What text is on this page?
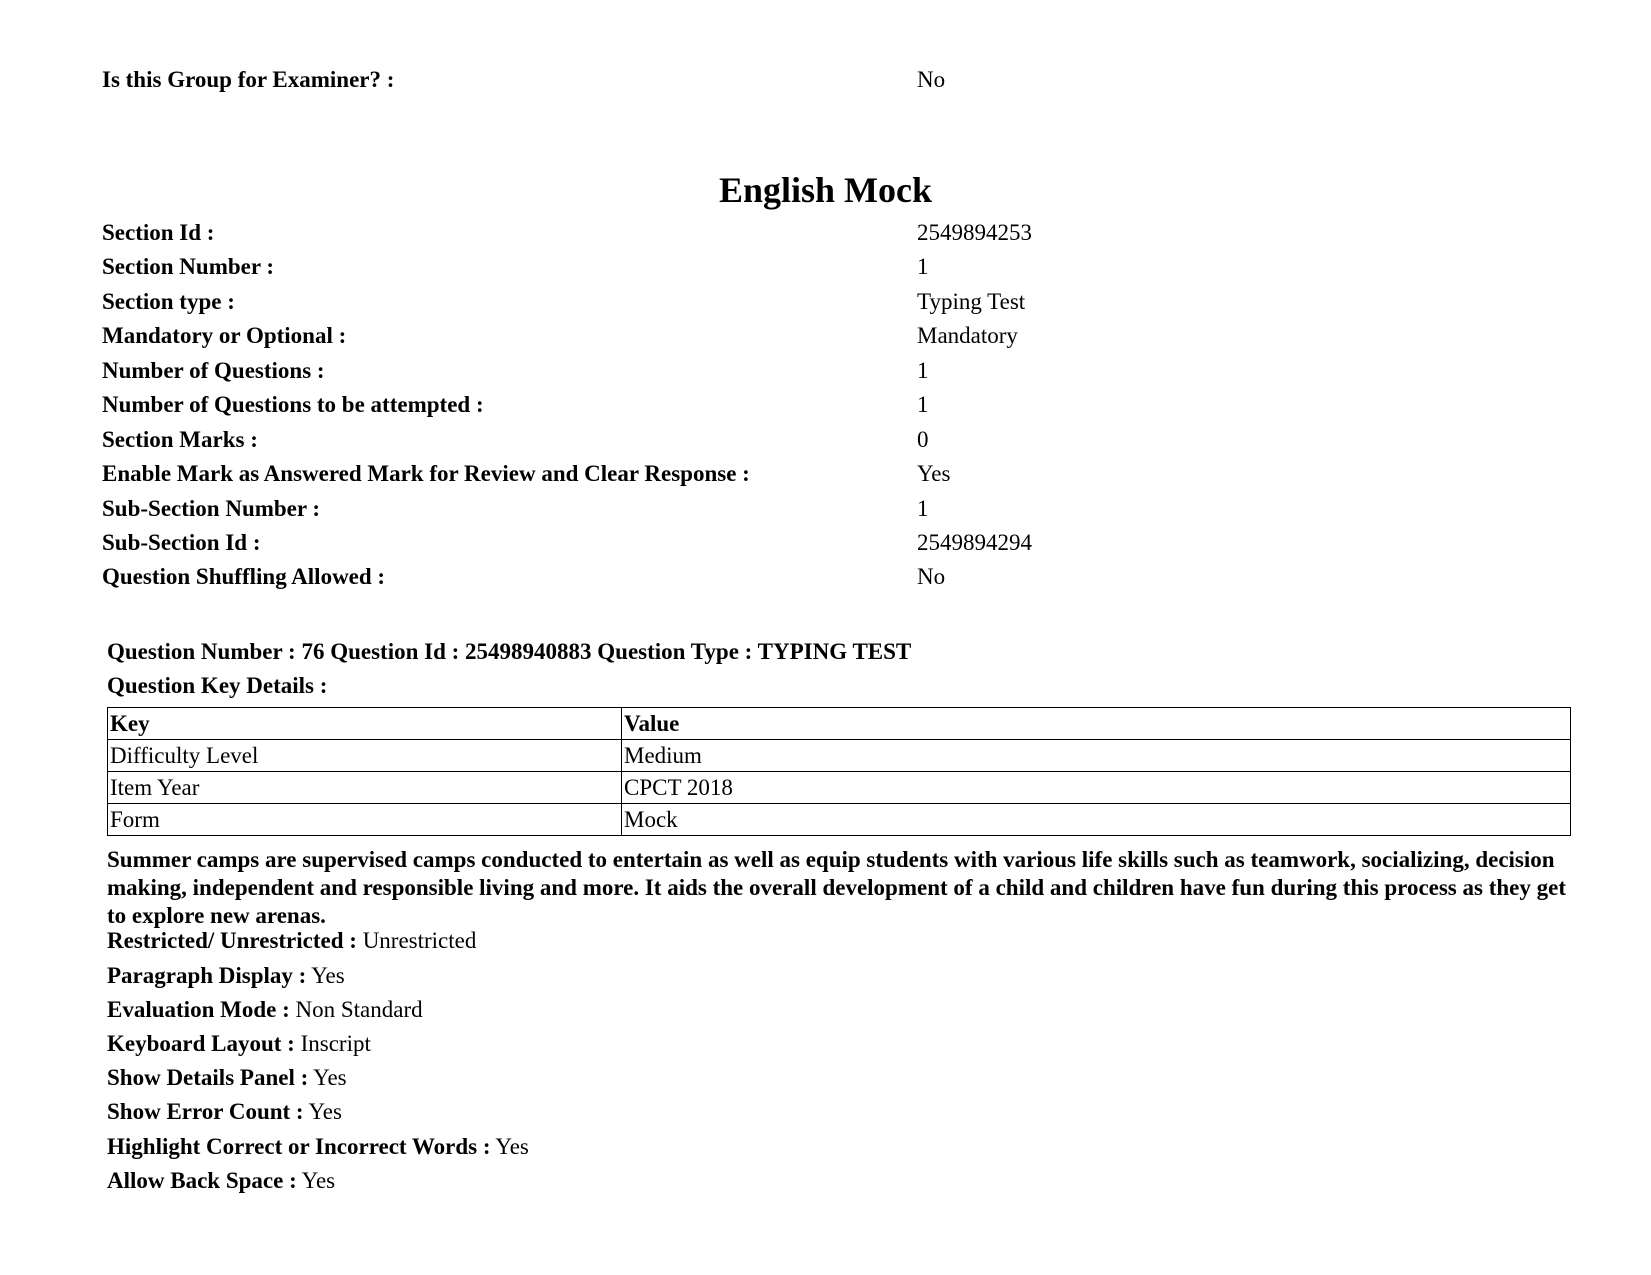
Is this Group for Examiner? :	No
English Mock
Section Id :	2549894253
Section Number :	1
Section type :	Typing Test
Mandatory or Optional :	Mandatory
Number of Questions :	1
Number of Questions to be attempted :	1
Section Marks :	0
Enable Mark as Answered Mark for Review and Clear Response :	Yes
Sub-Section Number :	1
Sub-Section Id :	2549894294
Question Shuffling Allowed :	No
Question Number : 76 Question Id : 25498940883 Question Type : TYPING TEST
Question Key Details :
Key	Value
Difficulty Level	Medium
Item Year	CPCT 2018
Form	Mock
Summer camps are supervised camps conducted to entertain as well as equip students with various life skills such as teamwork, socializing, decision making, independent and responsible living and more. It aids the overall development of a child and children have fun during this process as they get to explore new arenas.
Restricted/ Unrestricted : Unrestricted
Paragraph Display : Yes
Evaluation Mode : Non Standard
Keyboard Layout : Inscript
Show Details Panel : Yes
Show Error Count : Yes
Highlight Correct or Incorrect Words : Yes
Allow Back Space : Yes
